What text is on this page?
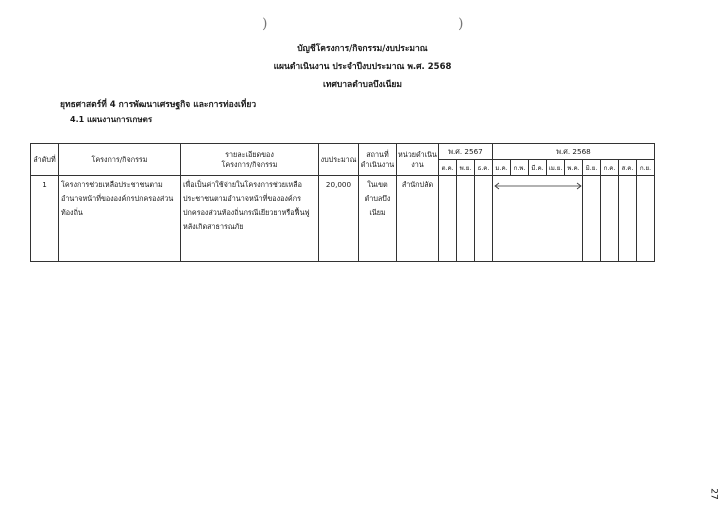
)	)
บัญชีโครงการ/กิจกรรม/งบประมาณ
แผนดำเนินงาน ประจำปีงบประมาณ พ.ศ. 2568
เทศบาลตำบลบึงเนียม
ยุทธศาสตร์ที่ 4 การพัฒนาเศรษฐกิจ และการท่องเที่ยว
4.1 แผนงานการเกษตร
ลำดับที่	โครงการ/กิจกรรม	รายละเอียดของโครงการ/กิจกรรม	งบประมาณ	สถานที่ดำเนินงาน	หน่วยดำเนินงาน	พ.ศ. 2567			พ.ศ. 2568								
						ต.ค.	พ.ย.	ธ.ค.	ม.ค.	ก.พ.	มี.ค.	เม.ย.	พ.ค.	มิ.ย.	ก.ค.	ส.ค.	ก.ย.
1	โครงการช่วยเหลือประชาชนตามอำนาจหน้าที่ขององค์กรปกครองส่วนท้องถิ่น	เพื่อเป็นค่าใช้จ่ายในโครงการช่วยเหลือประชาชนตามอำนาจหน้าที่ขององค์กรปกครองส่วนท้องถิ่นกรณีเยียวยาหรือฟื้นฟูหลังเกิดสาธารณภัย	20,000	ในเขตตำบลบึงเนียม	สำนักปลัด				

27
